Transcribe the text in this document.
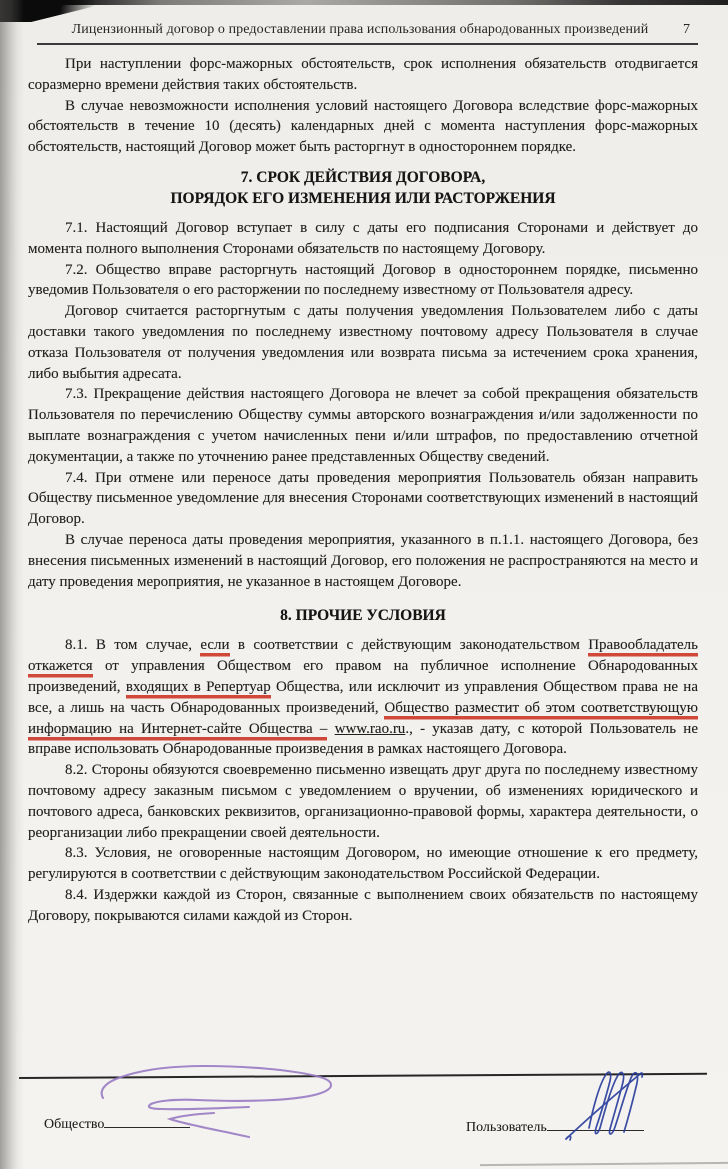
Лицензионный договор о предоставлении права использования обнародованных произведений	7

При наступлении форс-мажорных обстоятельств, срок исполнения обязательств отодвигается соразмерно времени действия таких обстоятельств.

В случае невозможности исполнения условий настоящего Договора вследствие форс-мажорных обстоятельств в течение 10 (десять) календарных дней с момента наступления форс-мажорных обстоятельств, настоящий Договор может быть расторгнут в одностороннем порядке.

7. СРОК ДЕЙСТВИЯ ДОГОВОРА,
ПОРЯДОК ЕГО ИЗМЕНЕНИЯ ИЛИ РАСТОРЖЕНИЯ

7.1. Настоящий Договор вступает в силу с даты его подписания Сторонами и действует до момента полного выполнения Сторонами обязательств по настоящему Договору.

7.2. Общество вправе расторгнуть настоящий Договор в одностороннем порядке, письменно уведомив Пользователя о его расторжении по последнему известному от Пользователя адресу.

Договор считается расторгнутым с даты получения уведомления Пользователем либо с даты доставки такого уведомления по последнему известному почтовому адресу Пользователя в случае отказа Пользователя от получения уведомления или возврата письма за истечением срока хранения, либо выбытия адресата.

7.3. Прекращение действия настоящего Договора не влечет за собой прекращения обязательств Пользователя по перечислению Обществу суммы авторского вознаграждения и/или задолженности по выплате вознаграждения с учетом начисленных пени и/или штрафов, по предоставлению отчетной документации, а также по уточнению ранее представленных Обществу сведений.

7.4. При отмене или переносе даты проведения мероприятия Пользователь обязан направить Обществу письменное уведомление для внесения Сторонами соответствующих изменений в настоящий Договор.

В случае переноса даты проведения мероприятия, указанного в п.1.1. настоящего Договора, без внесения письменных изменений в настоящий Договор, его положения не распространяются на место и дату проведения мероприятия, не указанное в настоящем Договоре.

8. ПРОЧИЕ УСЛОВИЯ

8.1. В том случае, если в соответствии с действующим законодательством Правообладатель откажется от управления Обществом его правом на публичное исполнение Обнародованных произведений, входящих в Репертуар Общества, или исключит из управления Обществом права не на все, а лишь на часть Обнародованных произведений, Общество разместит об этом соответствующую информацию на Интернет-сайте Общества – www.rao.ru., - указав дату, с которой Пользователь не вправе использовать Обнародованные произведения в рамках настоящего Договора.

8.2. Стороны обязуются своевременно письменно извещать друг друга по последнему известному почтовому адресу заказным письмом с уведомлением о вручении, об изменениях юридического и почтового адреса, банковских реквизитов, организационно-правовой формы, характера деятельности, о реорганизации либо прекращении своей деятельности.

8.3. Условия, не оговоренные настоящим Договором, но имеющие отношение к его предмету, регулируются в соответствии с действующим законодательством Российской Федерации.

8.4. Издержки каждой из Сторон, связанные с выполнением своих обязательств по настоящему Договору, покрываются силами каждой из Сторон.

Общество	Пользователь
